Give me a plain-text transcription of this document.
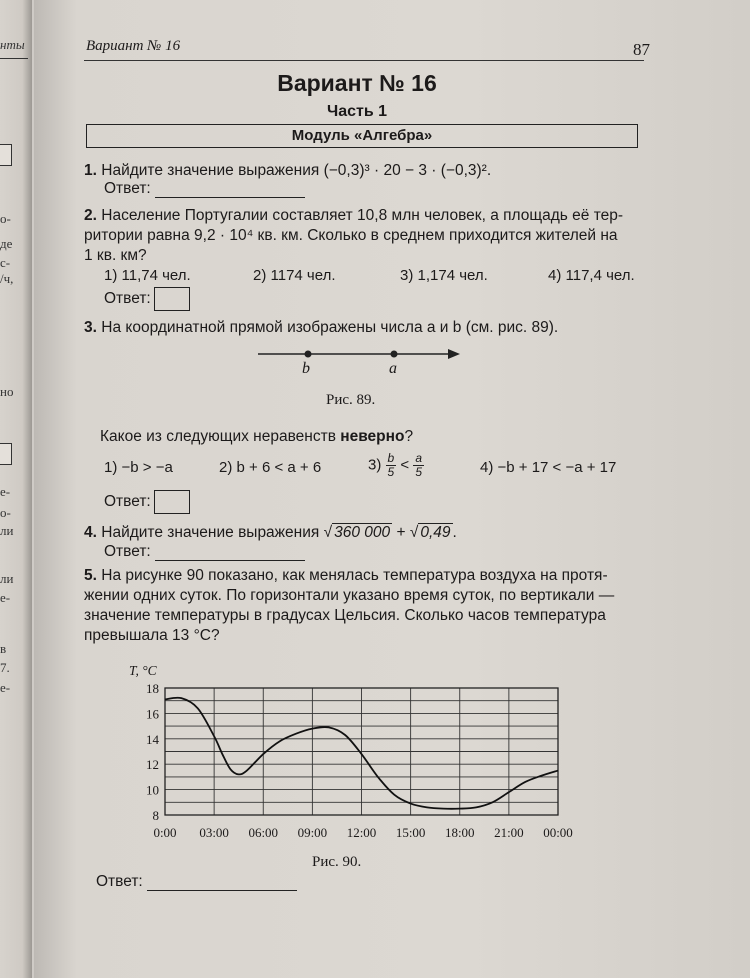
нты
о-
де
с-
/ч,
но
е-
о-
ли
ли
е-
в
7.
е-
Вариант № 16	87
Вариант № 16
Часть 1
Модуль «Алгебра»
1. Найдите значение выражения (−0,3)³ · 20 − 3 · (−0,3)².
Ответ:
2. Население Португалии составляет 10,8 млн человек, а площадь её тер-
ритории равна 9,2 · 10⁴ кв. км. Сколько в среднем приходится жителей на
1 кв. км?
1) 11,74 чел.	2) 1174 чел.	3) 1,174 чел.	4) 117,4 чел.
Ответ:
3. На координатной прямой изображены числа a и b (см. рис. 89).
b	a
Рис. 89.
Какое из следующих неравенств неверно?
1) −b > −a	2) b + 6 < a + 6	$3) \frac{b}{5} < \frac{a}{5}$	4) −b + 17 < −a + 17
Ответ:
4. Найдите значение выражения √ 360 000 + √ 0,49 .
Ответ:
5. На рисунке 90 показано, как менялась температура воздуха на протя-
жении одних суток. По горизонтали указано время суток, по вертикали —
значение температуры в градусах Цельсия. Сколько часов температура
превышала 13 °С?
8
10
12
14
16
18
0:00 03:00 06:00 09:00 12:00 15:00 18:00 21:00 00:00
T, °C
Рис. 90.
Ответ:
